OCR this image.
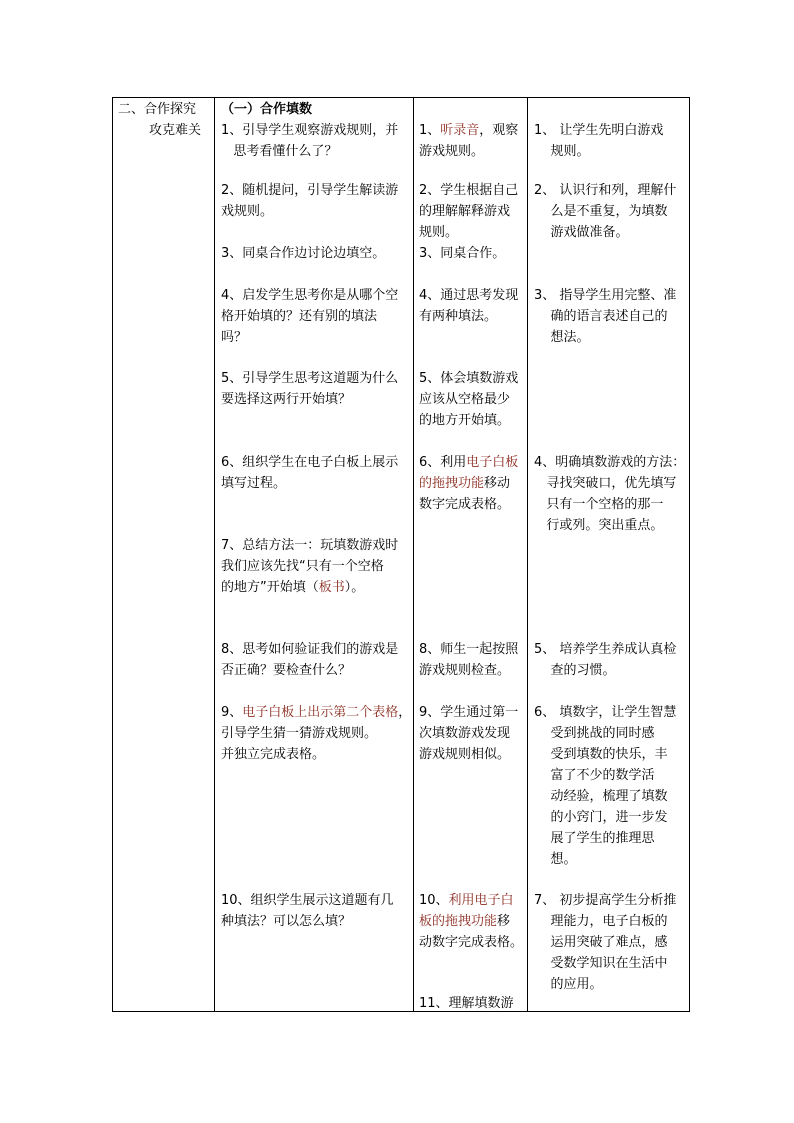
二、合作探究
攻克难关
（一）合作填数
1、引导学生观察游戏规则，并
思考看懂什么了？
2、随机提问，引导学生解读游
戏规则。
3、同桌合作边讨论边填空。
4、启发学生思考你是从哪个空
格开始填的？还有别的填法
吗？
5、引导学生思考这道题为什么
要选择这两行开始填？
6、组织学生在电子白板上展示
填写过程。
7、总结方法一：玩填数游戏时
我们应该先找“只有一个空格
的地方”开始填（板书）。
8、思考如何验证我们的游戏是
否正确？要检查什么？
9、电子白板上出示第二个表格，
引导学生猜一猜游戏规则。
并独立完成表格。
10、组织学生展示这道题有几
种填法？可以怎么填？
1、听录音，观察
游戏规则。
2、学生根据自己
的理解解释游戏
规则。
3、同桌合作。
4、通过思考发现
有两种填法。
5、体会填数游戏
应该从空格最少
的地方开始填。
6、利用电子白板
的拖拽功能移动
数字完成表格。
8、师生一起按照
游戏规则检查。
9、学生通过第一
次填数游戏发现
游戏规则相似。
10、利用电子白
板的拖拽功能移
动数字完成表格。
11、理解填数游
1、 让学生先明白游戏
规则。
2、 认识行和列，理解什
么是不重复，为填数
游戏做准备。
3、 指导学生用完整、准
确的语言表述自己的
想法。
4、明确填数游戏的方法：
寻找突破口，优先填写
只有一个空格的那一
行或列。突出重点。
5、 培养学生养成认真检
查的习惯。
6、 填数字，让学生智慧
受到挑战的同时感
受到填数的快乐，丰
富了不少的数学活
动经验，梳理了填数
的小窍门，进一步发
展了学生的推理思
想。
7、 初步提高学生分析推
理能力，电子白板的
运用突破了难点，感
受数学知识在生活中
的应用。
